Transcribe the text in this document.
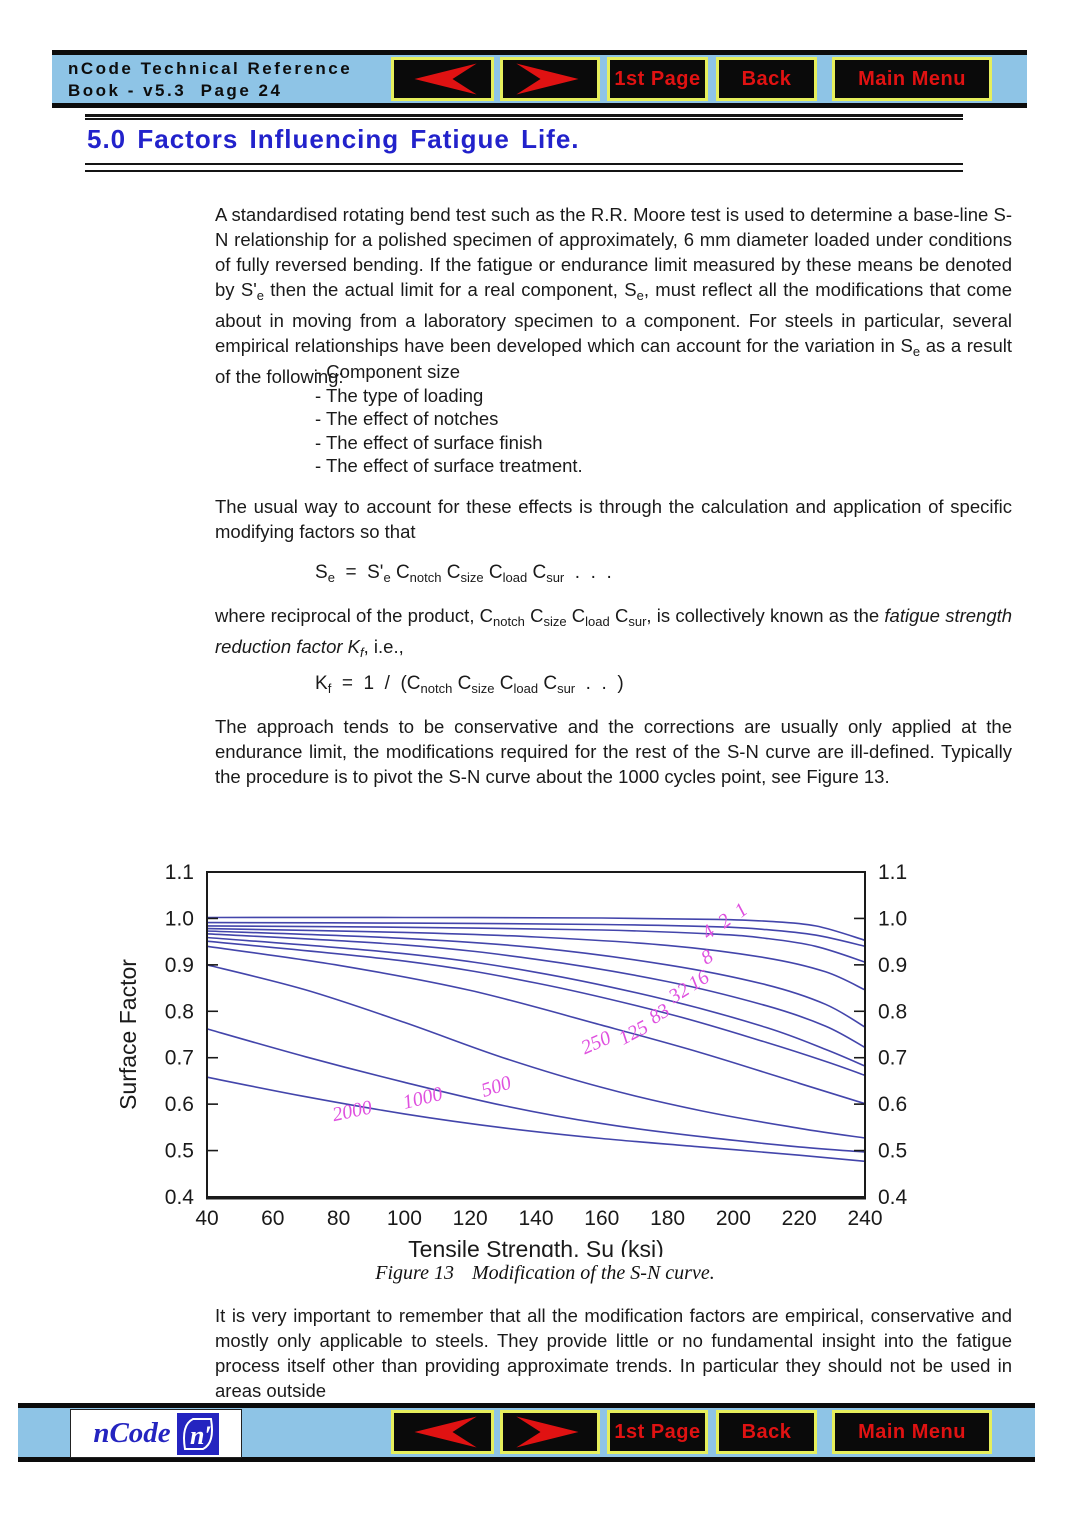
nCode Technical Reference
Book - v5.3  Page 24
1st Page Back	Main Menu
5.0 Factors Influencing Fatigue Life.
A standardised rotating bend test such as the R.R. Moore test is used to determine a base-line S-N relationship for a polished specimen of approximately, 6 mm diameter loaded under conditions of fully reversed bending. If the fatigue or endurance limit measured by these means be denoted by $S'_e$ then the actual limit for a real component, $S_e$, must reflect all the modifications that come about in moving from a laboratory specimen to a component. For steels in particular, several empirical relationships have been developed which can account for the variation in $S_e$ as a result of the following:
- Component size
- The type of loading
- The effect of notches
- The effect of surface finish
- The effect of surface treatment.
The usual way to account for these effects is through the calculation and application of specific modifying factors so that
$S_e = S'_e$ $C_{notch}$ $C_{size}$ $C_{load}$ $C_{sur}$  .  .  .
where reciprocal of the product, $C_{notch}$ $C_{size}$ $C_{load}$ $C_{sur}$, is collectively known as the fatigue strength reduction factor $K_f$, i.e.,
$K_f = 1 / (C_{notch}$ $C_{size}$ $C_{load}$ $C_{sur}$  .  .  )
The approach tends to be conservative and the corrections are usually only applied at the endurance limit, the modifications required for the rest of the S-N curve are ill-defined. Typically the procedure is to pivot the S-N curve about the 1000 cycles point, see Figure 13.
0.4	0.4
0.5	0.5
0.6	0.6
0.7	0.7
0.8	0.8
0.9	0.9
1.0	1.0
1.1	1.1
40 60 80 100 120 140 160 180 200 220 240
Tensile Strength, Su (ksi)
Surface Factor
1
2
4
8
16
32
83
125
250
500
1000
2000
Figure 13 Modification of the S-N curve.
It is very important to remember that all the modification factors are empirical, conservative and mostly only applicable to steels. They provide little or no fundamental insight into the fatigue process itself other than providing approximate trends. In particular they should not be used in areas outside
nCode n′	1st Page Back	Main Menu
